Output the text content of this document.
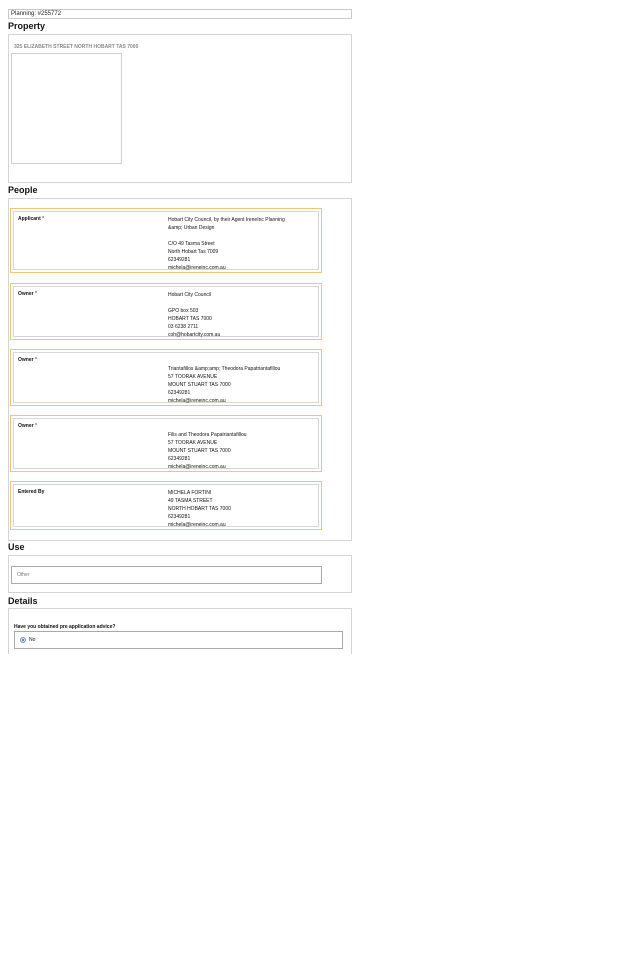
Planning: #255772
Property
325 ELIZABETH STREET NORTH HOBART TAS 7000
People
Applicant *	Hobart City Council, by their Agent IreneInc Planning
&amp; Urban Design
C/O 49 Tasma Street
North Hobart Tas 7009
62349281
michela@ireneinc.com.au
Owner *	Hobart City Council
GPO box 503
HOBART TAS 7000
03 6238 2711
coh@hobartcity.com.au
Owner *
Triantafillos &amp;amp; Theodora Papatriantafillou
57 TOORAK AVENUE
MOUNT STUART TAS 7000
62349281
michela@ireneinc.com.au
Owner *
Filis and Theodora Papatriantafillou
57 TOORAK AVENUE
MOUNT STUART TAS 7000
62349281
michela@ireneinc.com.au
Entered By	MICHELA FORTINI
49 TASMA STREET
NORTH HOBART TAS 7000
62349281
michela@ireneinc.com.au
Use
Other
Details
Have you obtained pre application advice?
No
